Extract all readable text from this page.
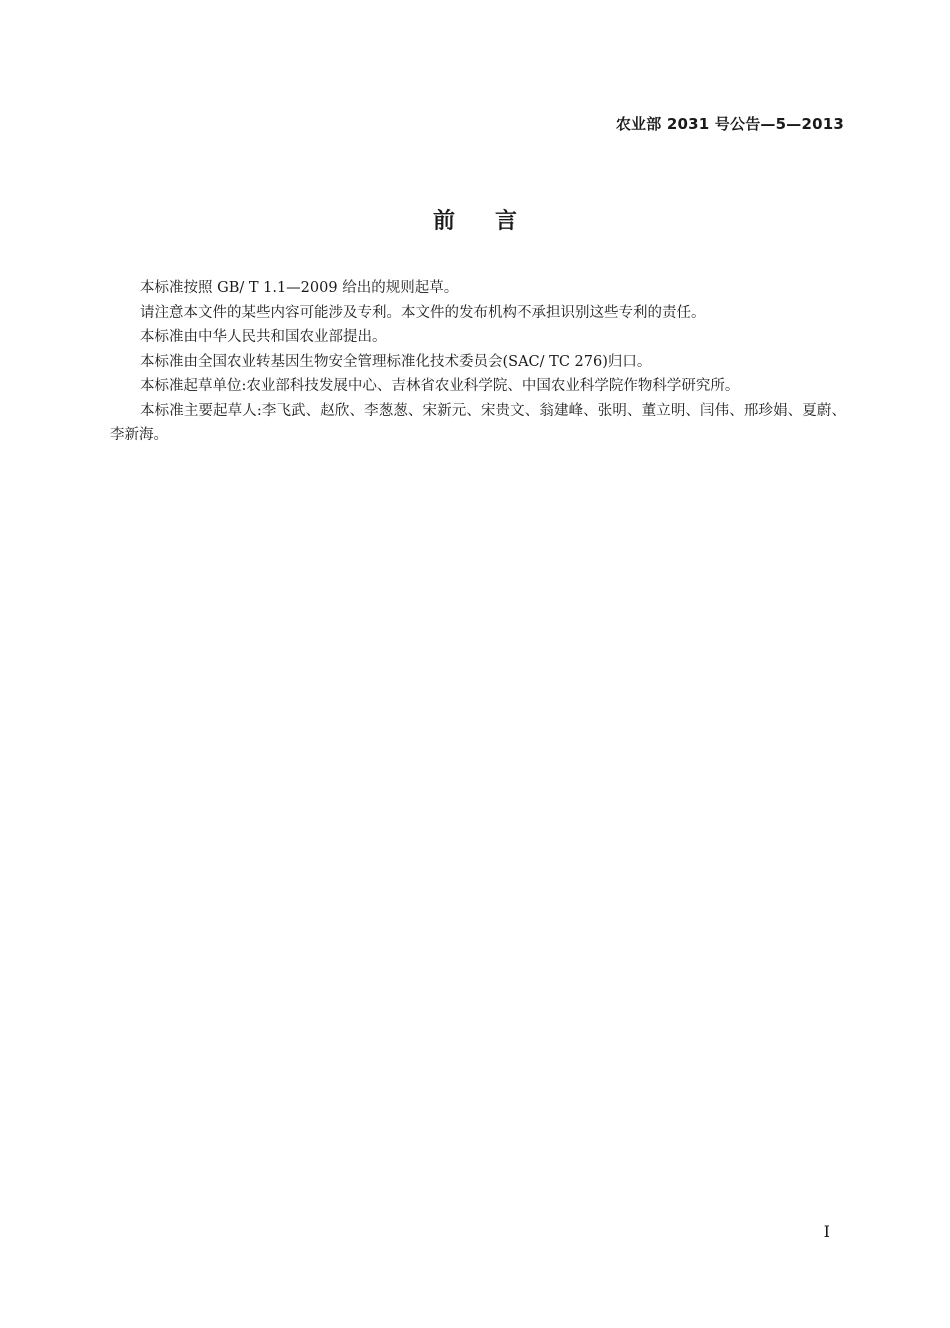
农业部 2031 号公告—5—2013
前言

本标准按照 GB/ T 1.1—2009 给出的规则起草。

请注意本文件的某些内容可能涉及专利。本文件的发布机构不承担识别这些专利的责任。

本标准由中华人民共和国农业部提出。

本标准由全国农业转基因生物安全管理标准化技术委员会(SAC/ TC 276)归口。

本标准起草单位:农业部科技发展中心、吉林省农业科学院、中国农业科学院作物科学研究所。

本标准主要起草人:李飞武、赵欣、李葱葱、宋新元、宋贵文、翁建峰、张明、董立明、闫伟、邢珍娟、夏蔚、李新海。

I
